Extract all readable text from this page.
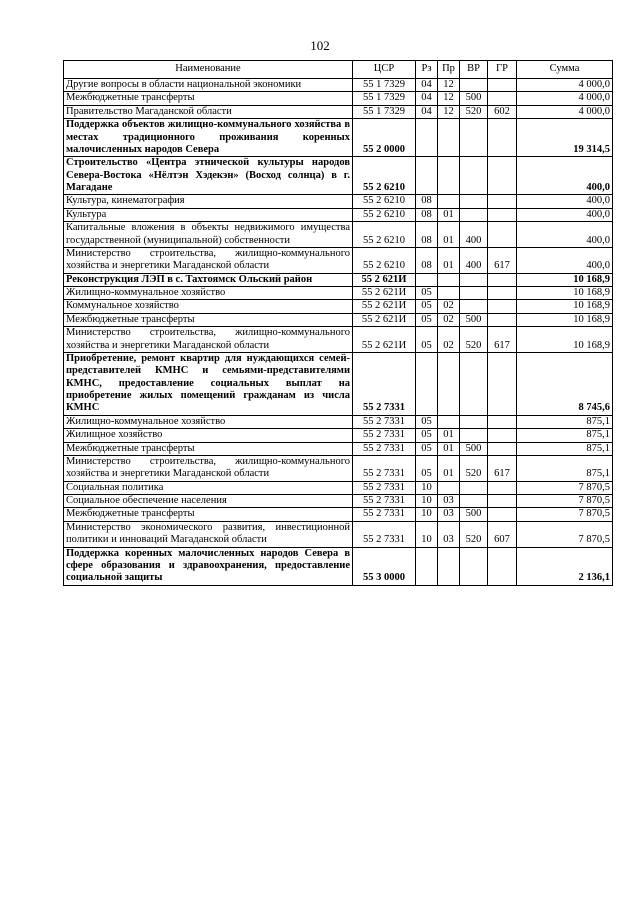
102
Наименование	ЦСР	Рз	Пр	ВР	ГР	Сумма
Другие вопросы в области национальной экономики	55 1 7329	04	12			4 000,0
Межбюджетные трансферты	55 1 7329	04	12	500		4 000,0
Правительство Магаданской области	55 1 7329	04	12	520	602	4 000,0
Поддержка объектов жилищно-коммунального хозяйства в местах традиционного проживания коренных малочисленных народов Севера	55 2 0000					19 314,5
Строительство «Центра этнической культуры народов Севера-Востока «Нёлтэн Хэдекэн» (Восход солнца) в г. Магадане	55 2 6210					400,0
Культура, кинематография	55 2 6210	08				400,0
Культура	55 2 6210	08	01			400,0
Капитальные вложения в объекты недвижимого имущества государственной (муниципальной) собственности	55 2 6210	08	01	400		400,0
Министерство строительства, жилищно-коммунального хозяйства и энергетики Магаданской области	55 2 6210	08	01	400	617	400,0
Реконструкция ЛЭП в с. Тахтоямск Ольский район	55 2 621И					10 168,9
Жилищно-коммунальное хозяйство	55 2 621И	05				10 168,9
Коммунальное хозяйство	55 2 621И	05	02			10 168,9
Межбюджетные трансферты	55 2 621И	05	02	500		10 168,9
Министерство строительства, жилищно-коммунального хозяйства и энергетики Магаданской области	55 2 621И	05	02	520	617	10 168,9
Приобретение, ремонт квартир для нуждающихся семей-представителей КМНС и семьями-представителями КМНС, предоставление социальных выплат на приобретение жилых помещений гражданам из числа КМНС	55 2 7331					8 745,6
Жилищно-коммунальное хозяйство	55 2 7331	05				875,1
Жилищное хозяйство	55 2 7331	05	01			875,1
Межбюджетные трансферты	55 2 7331	05	01	500		875,1
Министерство строительства, жилищно-коммунального хозяйства и энергетики Магаданской области	55 2 7331	05	01	520	617	875,1
Социальная политика	55 2 7331	10				7 870,5
Социальное обеспечение населения	55 2 7331	10	03			7 870,5
Межбюджетные трансферты	55 2 7331	10	03	500		7 870,5
Министерство экономического развития, инвестиционной политики и инноваций Магаданской области	55 2 7331	10	03	520	607	7 870,5
Поддержка коренных малочисленных народов Севера в сфере образования и здравоохранения, предоставление социальной защиты	55 3 0000					2 136,1
